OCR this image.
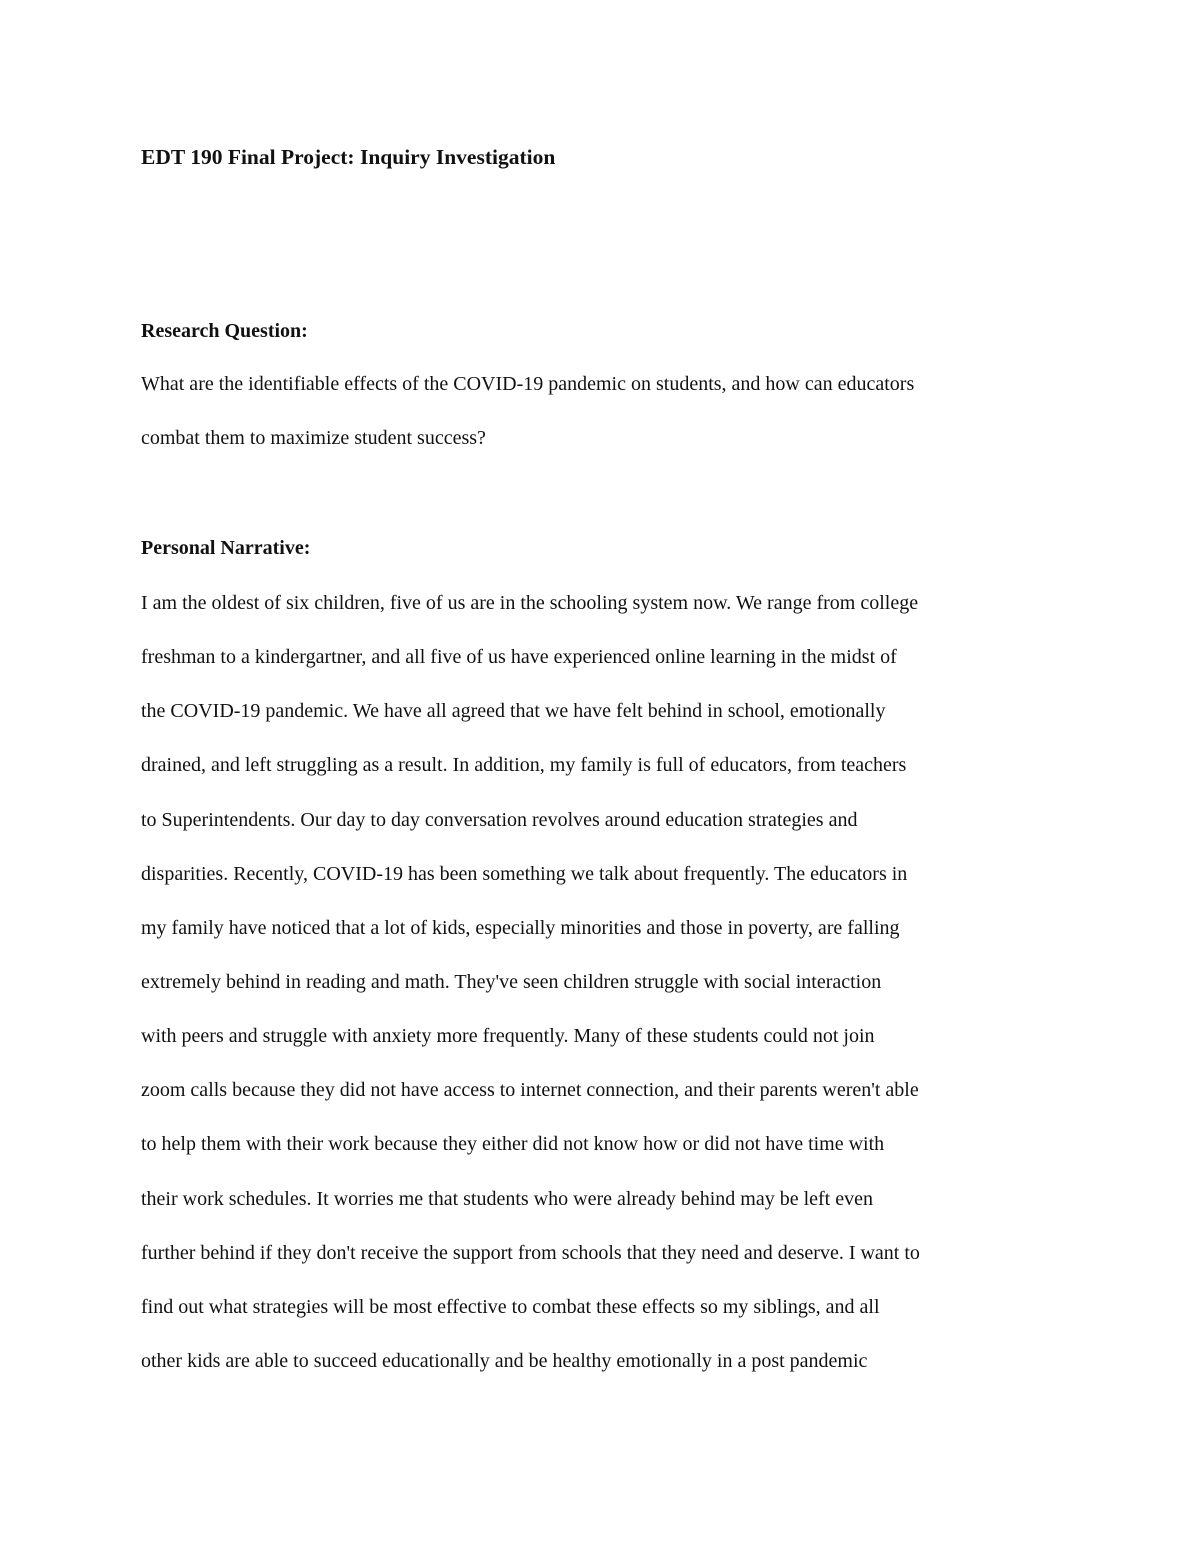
EDT 190 Final Project: Inquiry Investigation
Research Question:
What are the identifiable effects of the COVID-19 pandemic on students, and how can educators
combat them to maximize student success?
Personal Narrative:
I am the oldest of six children, five of us are in the schooling system now. We range from college
freshman to a kindergartner, and all five of us have experienced online learning in the midst of
the COVID-19 pandemic. We have all agreed that we have felt behind in school, emotionally
drained, and left struggling as a result. In addition, my family is full of educators, from teachers
to Superintendents. Our day to day conversation revolves around education strategies and
disparities. Recently, COVID-19 has been something we talk about frequently. The educators in
my family have noticed that a lot of kids, especially minorities and those in poverty, are falling
extremely behind in reading and math. They've seen children struggle with social interaction
with peers and struggle with anxiety more frequently. Many of these students could not join
zoom calls because they did not have access to internet connection, and their parents weren't able
to help them with their work because they either did not know how or did not have time with
their work schedules. It worries me that students who were already behind may be left even
further behind if they don't receive the support from schools that they need and deserve. I want to
find out what strategies will be most effective to combat these effects so my siblings, and all
other kids are able to succeed educationally and be healthy emotionally in a post pandemic
